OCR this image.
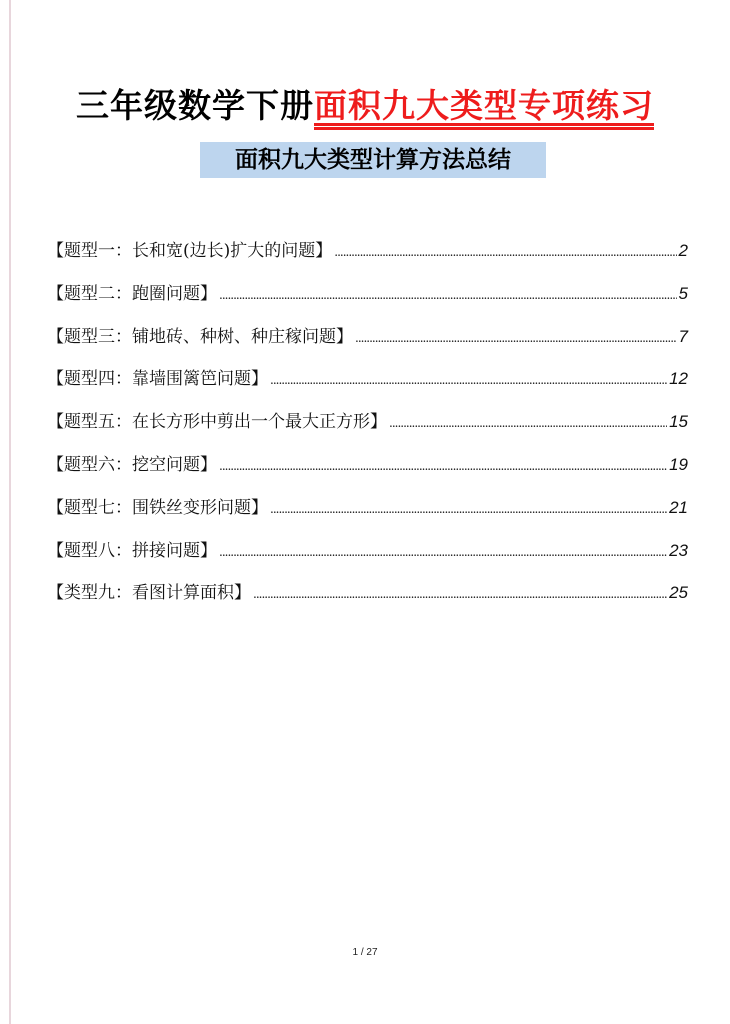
三年级数学下册面积九大类型专项练习
面积九大类型计算方法总结
【题型一：长和宽(边长)扩大的问题】 .....	2
【题型二：跑圈问题】 .....	5
【题型三：铺地砖、种树、种庄稼问题】 .....	7
【题型四：靠墙围篱笆问题】 .....	12
【题型五：在长方形中剪出一个最大正方形】 .....	15
【题型六：挖空问题】 .....	19
【题型七：围铁丝变形问题】 .....	21
【题型八：拼接问题】 .....	23
【类型九：看图计算面积】 .....	25
1 / 27
